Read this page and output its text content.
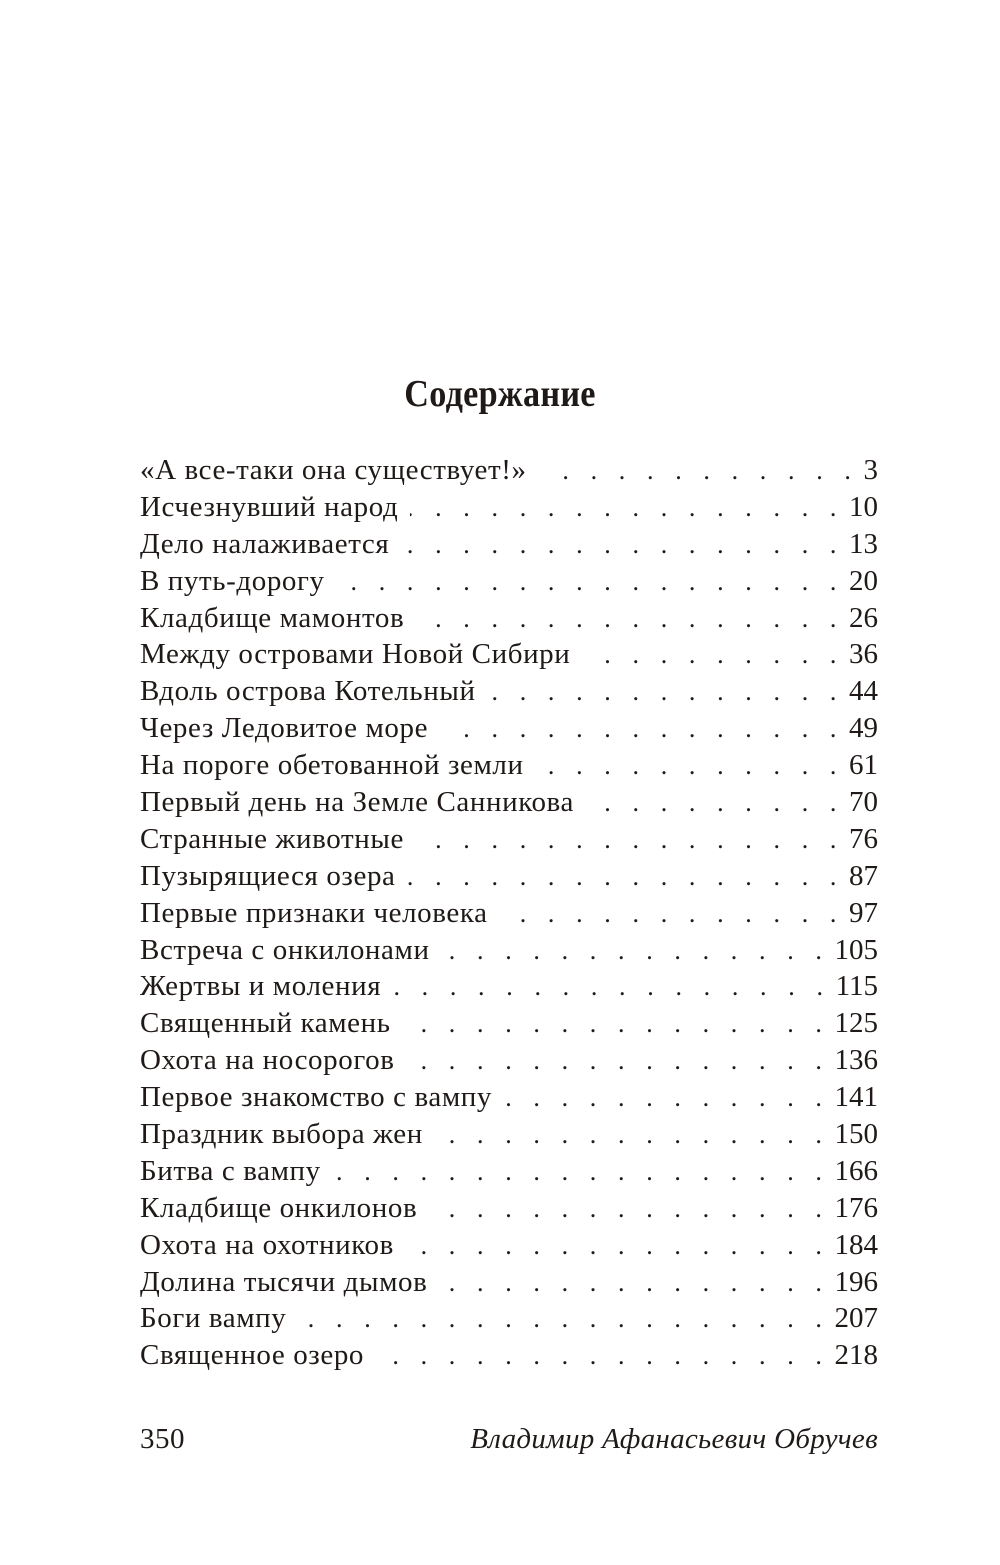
Содержание
«А все-таки она существует!» . . .	3
Исчезнувший народ . . .	10
Дело налаживается . . .	13
В путь-дорогу . . .	20
Кладбище мамонтов . . .	26
Между островами Новой Сибири . . .	36
Вдоль острова Котельный . . .	44
Через Ледовитое море . . .	49
На пороге обетованной земли . . .	61
Первый день на Земле Санникова . . .	70
Странные животные . . .	76
Пузырящиеся озера . . .	87
Первые признаки человека . . .	97
Встреча с онкилонами . . .	105
Жертвы и моления . . .	115
Священный камень . . .	125
Охота на носорогов . . .	136
Первое знакомство с вампу . . .	141
Праздник выбора жен . . .	150
Битва с вампу . . .	166
Кладбище онкилонов . . .	176
Охота на охотников . . .	184
Долина тысячи дымов . . .	196
Боги вампу . . .	207
Священное озеро . . .	218
350	Владимир Афанасьевич Обручев
